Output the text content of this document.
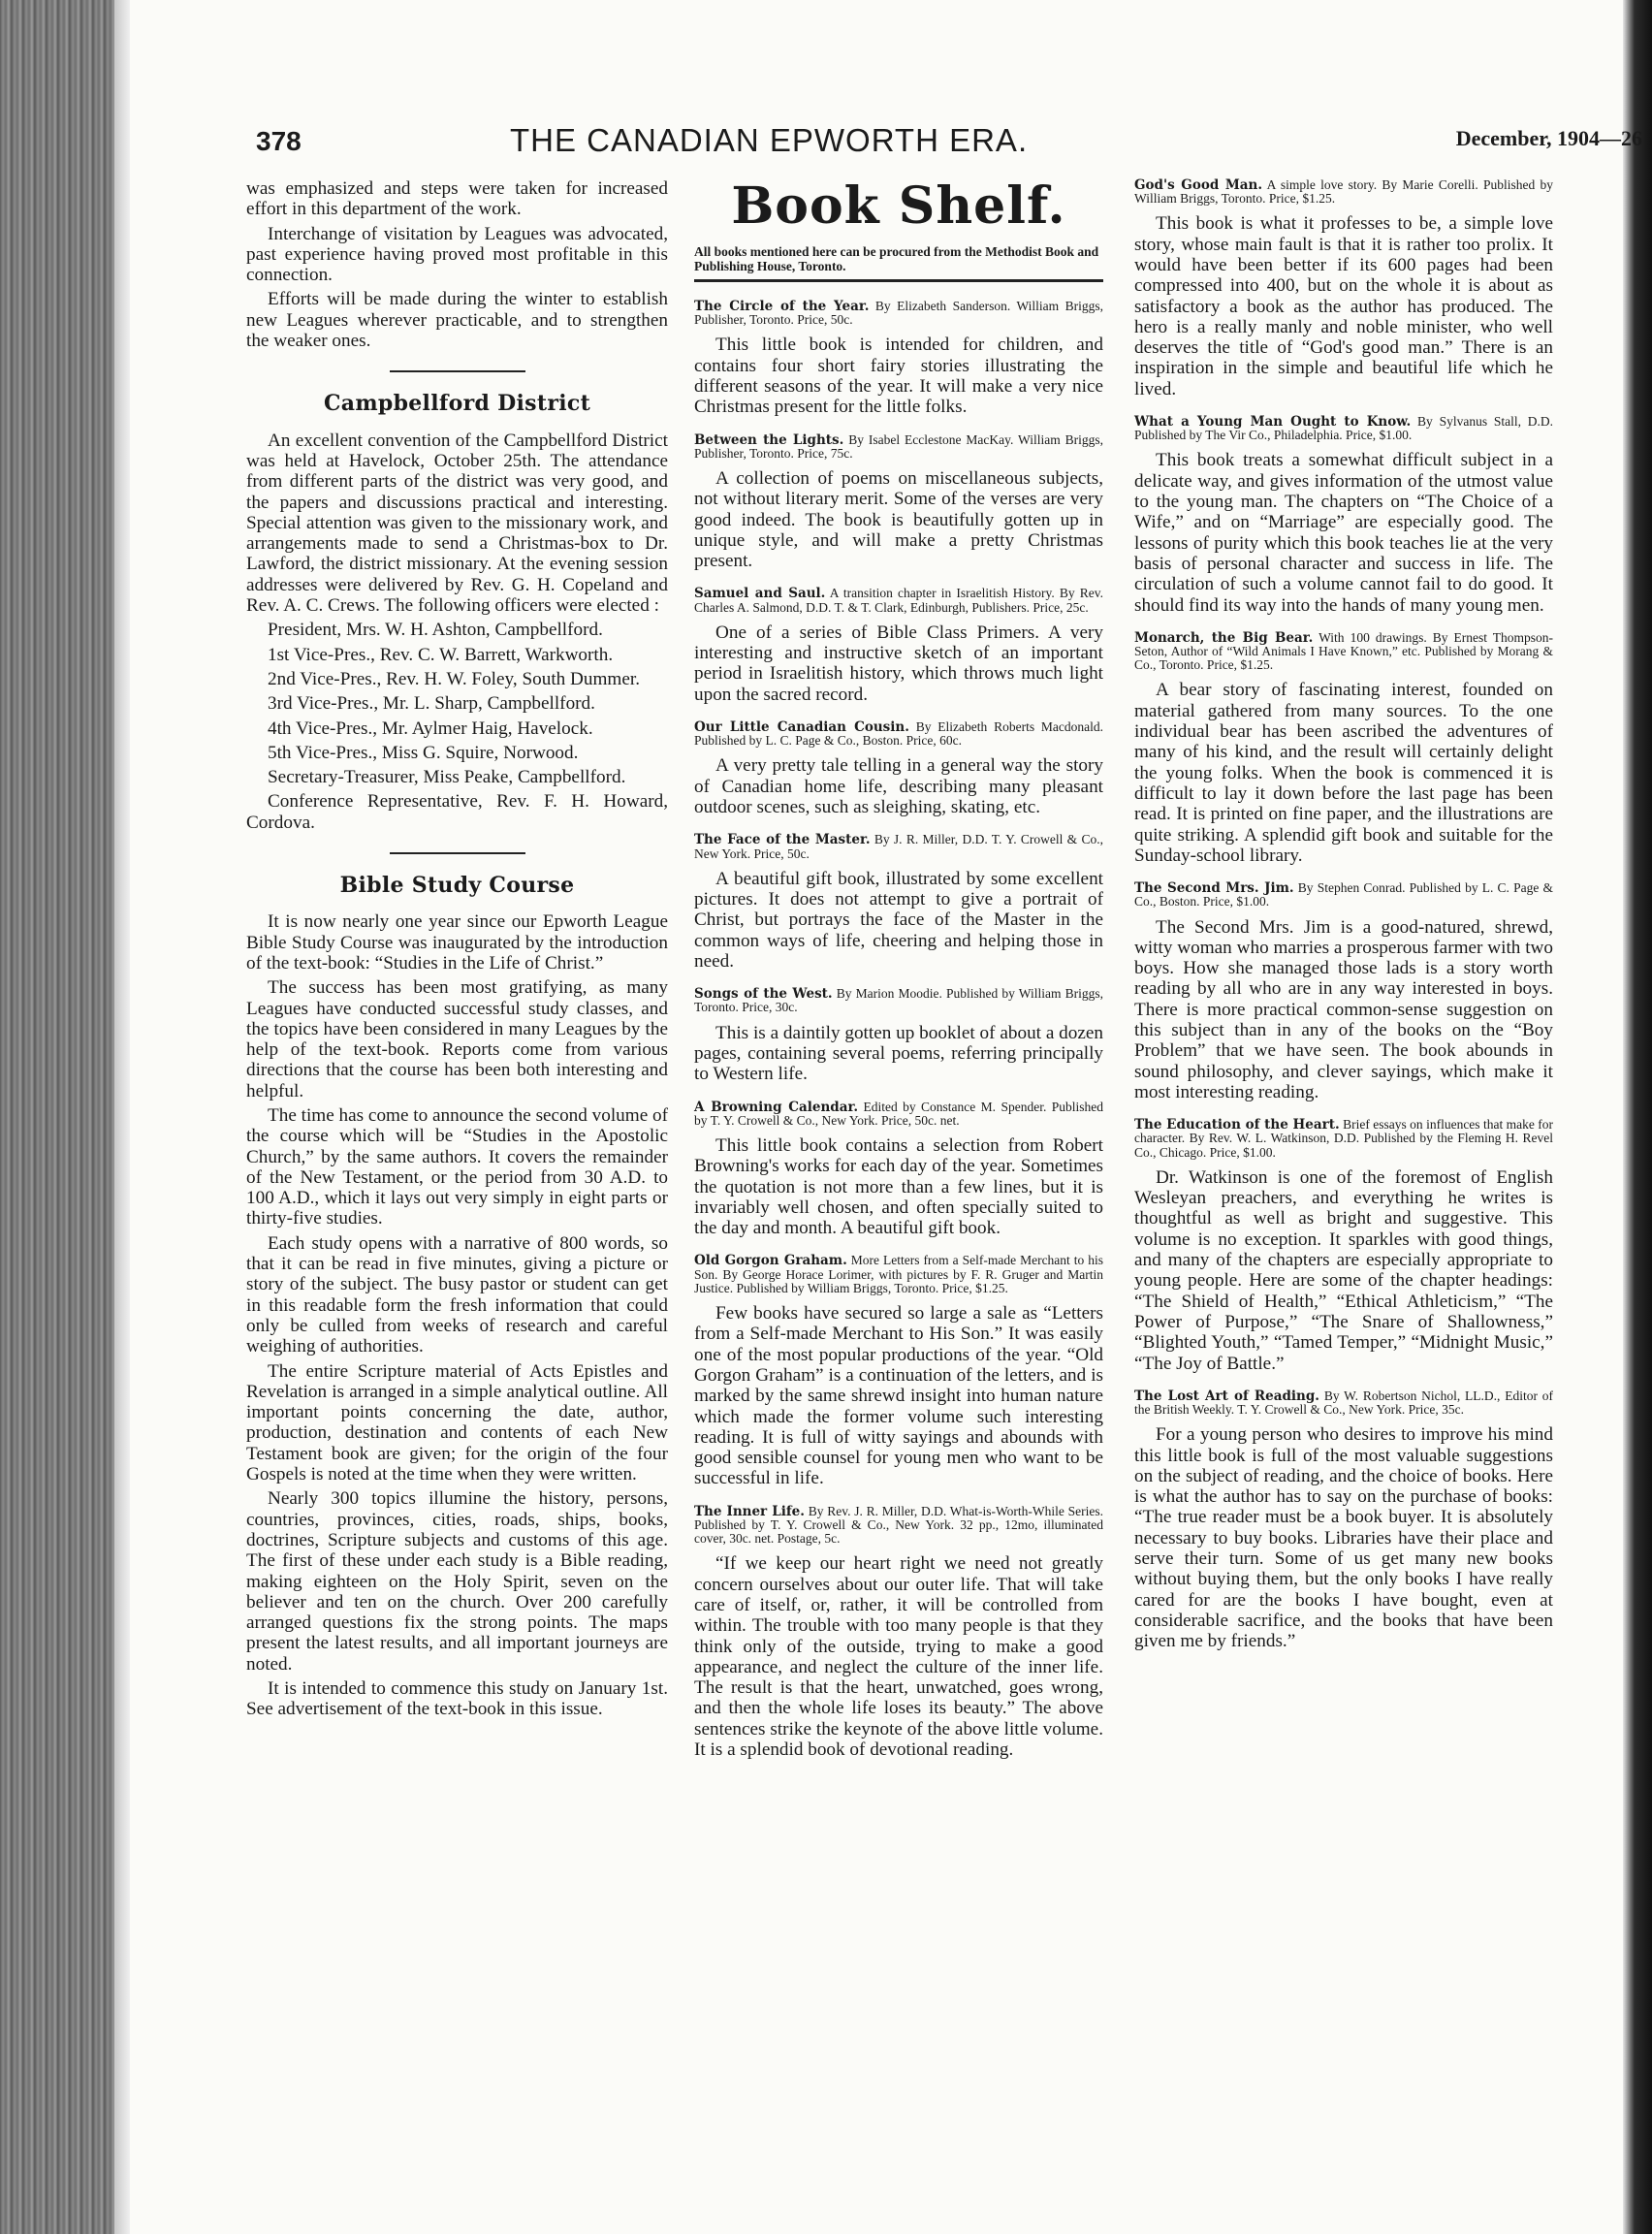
378	THE CANADIAN EPWORTH ERA.	December, 1904—26

was emphasized and steps were taken for increased effort in this department of the work.

Interchange of visitation by Leagues was advocated, past experience having proved most profitable in this connection.

Efforts will be made during the winter to establish new Leagues wherever practicable, and to strengthen the weaker ones.

Campbellford District

An excellent convention of the Campbellford District was held at Havelock, October 25th. The attendance from different parts of the district was very good, and the papers and discussions practical and interesting. Special attention was given to the missionary work, and arrangements made to send a Christmas-box to Dr. Lawford, the district missionary. At the evening session addresses were delivered by Rev. G. H. Copeland and Rev. A. C. Crews. The following officers were elected :

President, Mrs. W. H. Ashton, Campbellford.

1st Vice-Pres., Rev. C. W. Barrett, Warkworth.

2nd Vice-Pres., Rev. H. W. Foley, South Dummer.

3rd Vice-Pres., Mr. L. Sharp, Campbellford.

4th Vice-Pres., Mr. Aylmer Haig, Havelock.

5th Vice-Pres., Miss G. Squire, Norwood.

Secretary-Treasurer, Miss Peake, Campbellford.

Conference Representative, Rev. F. H. Howard, Cordova.

Bible Study Course

It is now nearly one year since our Epworth League Bible Study Course was inaugurated by the introduction of the text-book: “Studies in the Life of Christ.”

The success has been most gratifying, as many Leagues have conducted successful study classes, and the topics have been considered in many Leagues by the help of the text-book. Reports come from various directions that the course has been both interesting and helpful.

The time has come to announce the second volume of the course which will be “Studies in the Apostolic Church,” by the same authors. It covers the remainder of the New Testament, or the period from 30 A.D. to 100 A.D., which it lays out very simply in eight parts or thirty-five studies.

Each study opens with a narrative of 800 words, so that it can be read in five minutes, giving a picture or story of the subject. The busy pastor or student can get in this readable form the fresh information that could only be culled from weeks of research and careful weighing of authorities.

The entire Scripture material of Acts Epistles and Revelation is arranged in a simple analytical outline. All important points concerning the date, author, production, destination and contents of each New Testament book are given; for the origin of the four Gospels is noted at the time when they were written.

Nearly 300 topics illumine the history, persons, countries, provinces, cities, roads, ships, books, doctrines, Scripture subjects and customs of this age. The first of these under each study is a Bible reading, making eighteen on the Holy Spirit, seven on the believer and ten on the church. Over 200 carefully arranged questions fix the strong points. The maps present the latest results, and all important journeys are noted.

It is intended to commence this study on January 1st. See advertisement of the text-book in this issue.

Book Shelf.

All books mentioned here can be procured from the Methodist Book and Publishing House, Toronto.

The Circle of the Year. By Elizabeth Sanderson. William Briggs, Publisher, Toronto. Price, 50c.

This little book is intended for children, and contains four short fairy stories illustrating the different seasons of the year. It will make a very nice Christmas present for the little folks.

Between the Lights. By Isabel Ecclestone MacKay. William Briggs, Publisher, Toronto. Price, 75c.

A collection of poems on miscellaneous subjects, not without literary merit. Some of the verses are very good indeed. The book is beautifully gotten up in unique style, and will make a pretty Christmas present.

Samuel and Saul. A transition chapter in Israelitish History. By Rev. Charles A. Salmond, D.D. T. & T. Clark, Edinburgh, Publishers. Price, 25c.

One of a series of Bible Class Primers. A very interesting and instructive sketch of an important period in Israelitish history, which throws much light upon the sacred record.

Our Little Canadian Cousin. By Elizabeth Roberts Macdonald. Published by L. C. Page & Co., Boston. Price, 60c.

A very pretty tale telling in a general way the story of Canadian home life, describing many pleasant outdoor scenes, such as sleighing, skating, etc.

The Face of the Master. By J. R. Miller, D.D. T. Y. Crowell & Co., New York. Price, 50c.

A beautiful gift book, illustrated by some excellent pictures. It does not attempt to give a portrait of Christ, but portrays the face of the Master in the common ways of life, cheering and helping those in need.

Songs of the West. By Marion Moodie. Published by William Briggs, Toronto. Price, 30c.

This is a daintily gotten up booklet of about a dozen pages, containing several poems, referring principally to Western life.

A Browning Calendar. Edited by Constance M. Spender. Published by T. Y. Crowell & Co., New York. Price, 50c. net.

This little book contains a selection from Robert Browning's works for each day of the year. Sometimes the quotation is not more than a few lines, but it is invariably well chosen, and often specially suited to the day and month. A beautiful gift book.

Old Gorgon Graham. More Letters from a Self-made Merchant to his Son. By George Horace Lorimer, with pictures by F. R. Gruger and Martin Justice. Published by William Briggs, Toronto. Price, $1.25.

Few books have secured so large a sale as “Letters from a Self-made Merchant to His Son.” It was easily one of the most popular productions of the year. “Old Gorgon Graham” is a continuation of the letters, and is marked by the same shrewd insight into human nature which made the former volume such interesting reading. It is full of witty sayings and abounds with good sensible counsel for young men who want to be successful in life.

The Inner Life. By Rev. J. R. Miller, D.D. What-is-Worth-While Series. Published by T. Y. Crowell & Co., New York. 32 pp., 12mo, illuminated cover, 30c. net. Postage, 5c.

“If we keep our heart right we need not greatly concern ourselves about our outer life. That will take care of itself, or, rather, it will be controlled from within. The trouble with too many people is that they think only of the outside, trying to make a good appearance, and neglect the culture of the inner life. The result is that the heart, unwatched, goes wrong, and then the whole life loses its beauty.” The above sentences strike the keynote of the above little volume. It is a splendid book of devotional reading.

God's Good Man. A simple love story. By Marie Corelli. Published by William Briggs, Toronto. Price, $1.25.

This book is what it professes to be, a simple love story, whose main fault is that it is rather too prolix. It would have been better if its 600 pages had been compressed into 400, but on the whole it is about as satisfactory a book as the author has produced. The hero is a really manly and noble minister, who well deserves the title of “God's good man.” There is an inspiration in the simple and beautiful life which he lived.

What a Young Man Ought to Know. By Sylvanus Stall, D.D. Published by The Vir Co., Philadelphia. Price, $1.00.

This book treats a somewhat difficult subject in a delicate way, and gives information of the utmost value to the young man. The chapters on “The Choice of a Wife,” and on “Marriage” are especially good. The lessons of purity which this book teaches lie at the very basis of personal character and success in life. The circulation of such a volume cannot fail to do good. It should find its way into the hands of many young men.

Monarch, the Big Bear. With 100 drawings. By Ernest Thompson-Seton, Author of “Wild Animals I Have Known,” etc. Published by Morang & Co., Toronto. Price, $1.25.

A bear story of fascinating interest, founded on material gathered from many sources. To the one individual bear has been ascribed the adventures of many of his kind, and the result will certainly delight the young folks. When the book is commenced it is difficult to lay it down before the last page has been read. It is printed on fine paper, and the illustrations are quite striking. A splendid gift book and suitable for the Sunday-school library.

The Second Mrs. Jim. By Stephen Conrad. Published by L. C. Page & Co., Boston. Price, $1.00.

The Second Mrs. Jim is a good-natured, shrewd, witty woman who marries a prosperous farmer with two boys. How she managed those lads is a story worth reading by all who are in any way interested in boys. There is more practical common-sense suggestion on this subject than in any of the books on the “Boy Problem” that we have seen. The book abounds in sound philosophy, and clever sayings, which make it most interesting reading.

The Education of the Heart. Brief essays on influences that make for character. By Rev. W. L. Watkinson, D.D. Published by the Fleming H. Revel Co., Chicago. Price, $1.00.

Dr. Watkinson is one of the foremost of English Wesleyan preachers, and everything he writes is thoughtful as well as bright and suggestive. This volume is no exception. It sparkles with good things, and many of the chapters are especially appropriate to young people. Here are some of the chapter headings: “The Shield of Health,” “Ethical Athleticism,” “The Power of Purpose,” “The Snare of Shallowness,” “Blighted Youth,” “Tamed Temper,” “Midnight Music,” “The Joy of Battle.”

The Lost Art of Reading. By W. Robertson Nichol, LL.D., Editor of the British Weekly. T. Y. Crowell & Co., New York. Price, 35c.

For a young person who desires to improve his mind this little book is full of the most valuable suggestions on the subject of reading, and the choice of books. Here is what the author has to say on the purchase of books: “The true reader must be a book buyer. It is absolutely necessary to buy books. Libraries have their place and serve their turn. Some of us get many new books without buying them, but the only books I have really cared for are the books I have bought, even at considerable sacrifice, and the books that have been given me by friends.”
